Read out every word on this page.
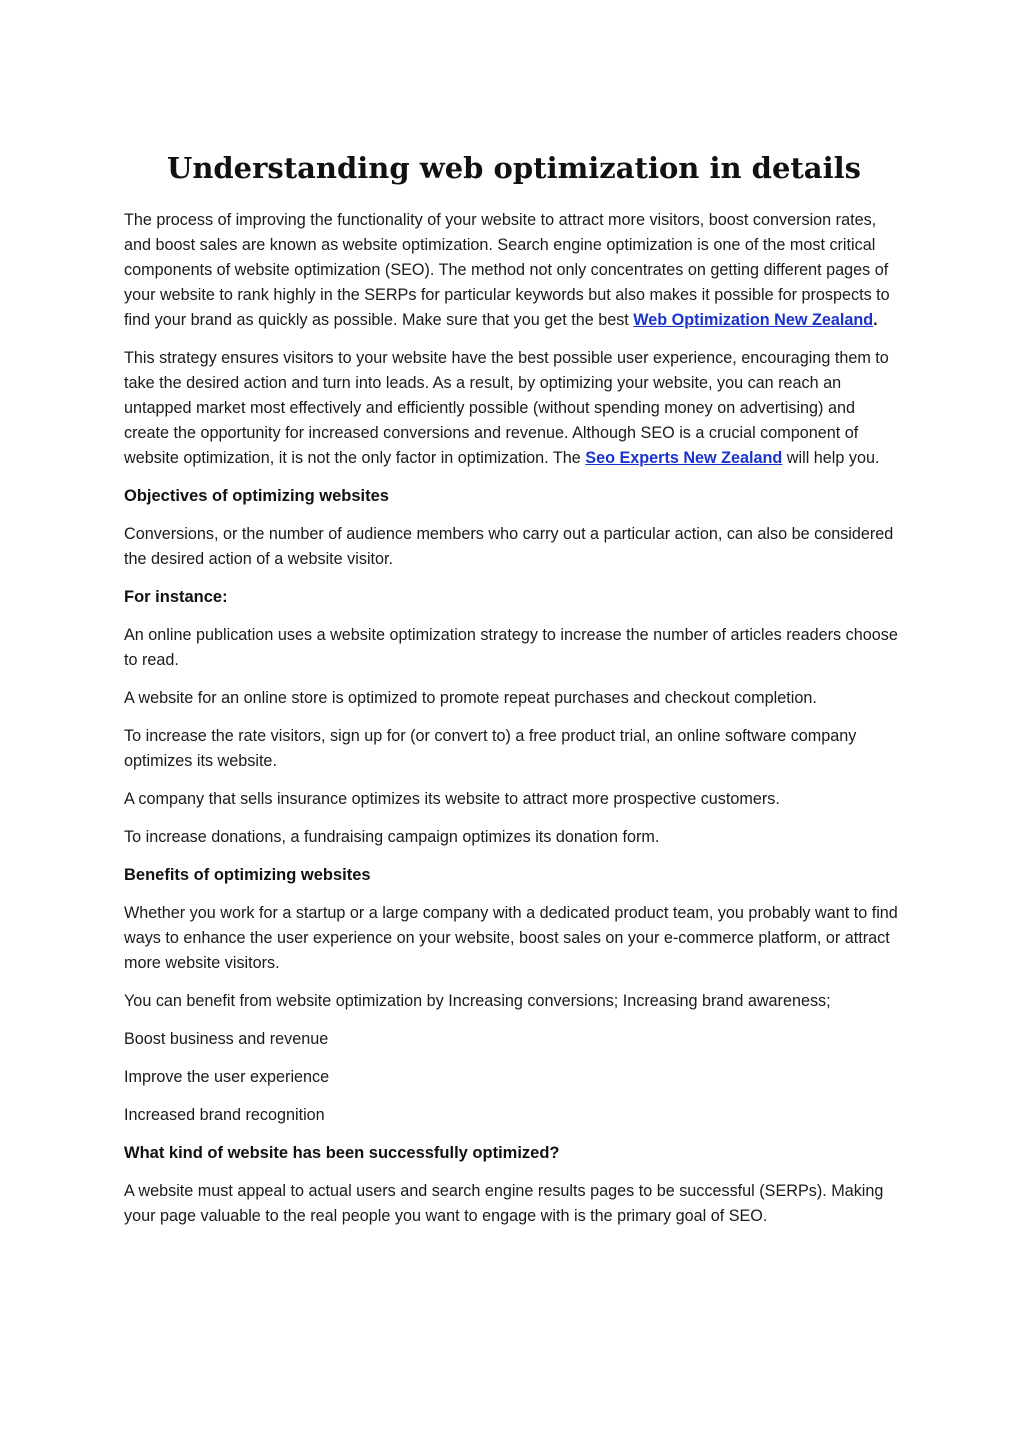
Understanding web optimization in details

The process of improving the functionality of your website to attract more visitors, boost conversion rates, and boost sales are known as website optimization. Search engine optimization is one of the most critical components of website optimization (SEO). The method not only concentrates on getting different pages of your website to rank highly in the SERPs for particular keywords but also makes it possible for prospects to find your brand as quickly as possible. Make sure that you get the best Web Optimization New Zealand.

This strategy ensures visitors to your website have the best possible user experience, encouraging them to take the desired action and turn into leads. As a result, by optimizing your website, you can reach an untapped market most effectively and efficiently possible (without spending money on advertising) and create the opportunity for increased conversions and revenue. Although SEO is a crucial component of website optimization, it is not the only factor in optimization. The Seo Experts New Zealand will help you.

Objectives of optimizing websites

Conversions, or the number of audience members who carry out a particular action, can also be considered the desired action of a website visitor.

For instance:

An online publication uses a website optimization strategy to increase the number of articles readers choose to read.

A website for an online store is optimized to promote repeat purchases and checkout completion.

To increase the rate visitors, sign up for (or convert to) a free product trial, an online software company optimizes its website.

A company that sells insurance optimizes its website to attract more prospective customers.

To increase donations, a fundraising campaign optimizes its donation form.

Benefits of optimizing websites

Whether you work for a startup or a large company with a dedicated product team, you probably want to find ways to enhance the user experience on your website, boost sales on your e-commerce platform, or attract more website visitors.

You can benefit from website optimization by Increasing conversions; Increasing brand awareness;

Boost business and revenue

Improve the user experience

Increased brand recognition

What kind of website has been successfully optimized?

A website must appeal to actual users and search engine results pages to be successful (SERPs). Making your page valuable to the real people you want to engage with is the primary goal of SEO.
